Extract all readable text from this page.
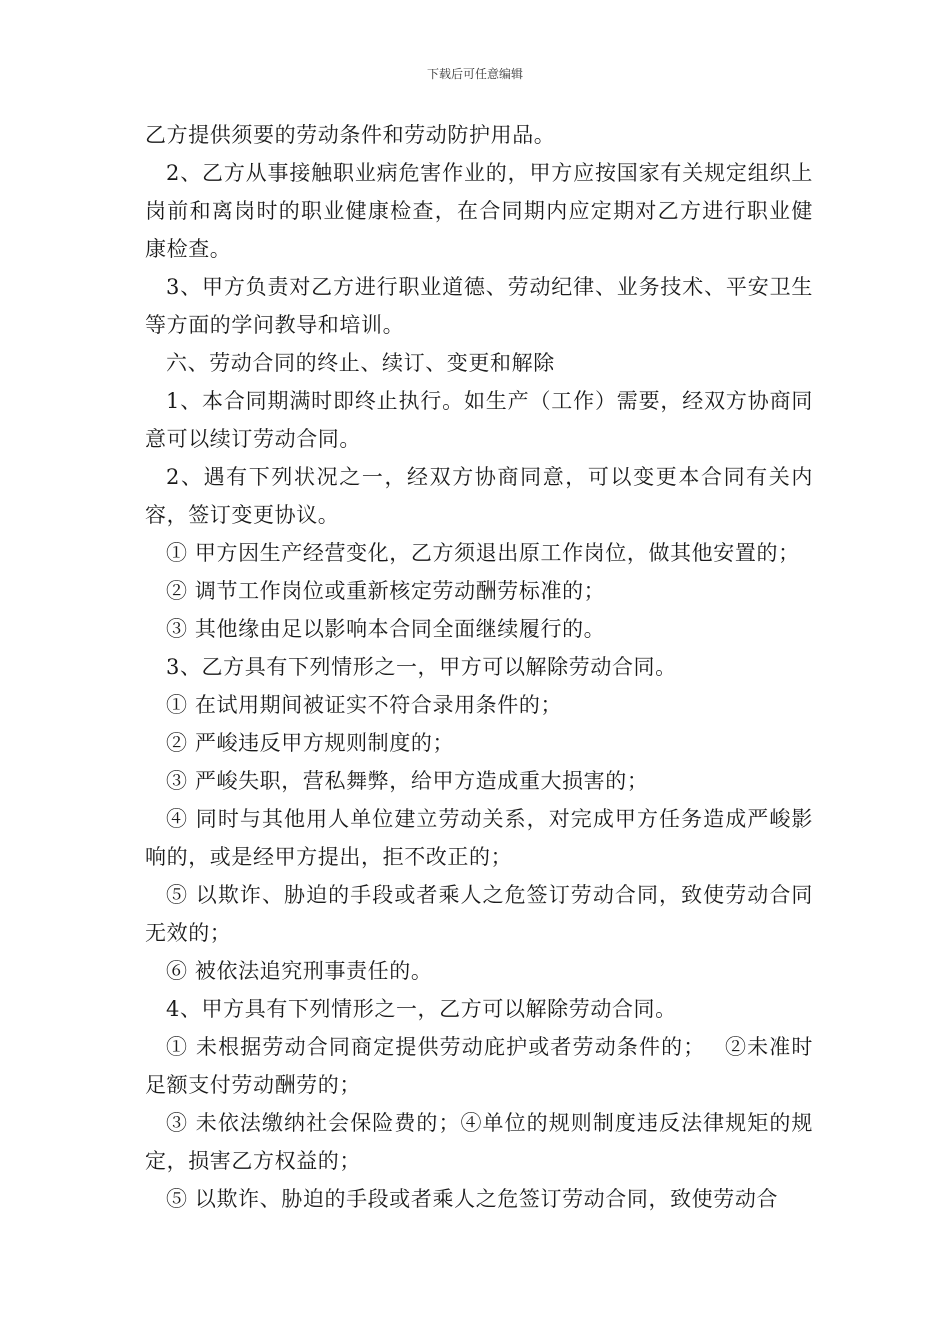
下载后可任意编辑

乙方提供须要的劳动条件和劳动防护用品。

2、乙方从事接触职业病危害作业的，甲方应按国家有关规定组织上岗前和离岗时的职业健康检查，在合同期内应定期对乙方进行职业健康检查。

3、甲方负责对乙方进行职业道德、劳动纪律、业务技术、平安卫生等方面的学问教导和培训。

六、劳动合同的终止、续订、变更和解除

1、本合同期满时即终止执行。如生产（工作）需要，经双方协商同意可以续订劳动合同。

2、遇有下列状况之一，经双方协商同意，可以变更本合同有关内容，签订变更协议。

① 甲方因生产经营变化，乙方须退出原工作岗位，做其他安置的；

② 调节工作岗位或重新核定劳动酬劳标准的；

③ 其他缘由足以影响本合同全面继续履行的。

3、乙方具有下列情形之一，甲方可以解除劳动合同。

① 在试用期间被证实不符合录用条件的；

② 严峻违反甲方规则制度的；

③ 严峻失职，营私舞弊，给甲方造成重大损害的；

④ 同时与其他用人单位建立劳动关系，对完成甲方任务造成严峻影响的，或是经甲方提出，拒不改正的；

⑤ 以欺诈、胁迫的手段或者乘人之危签订劳动合同，致使劳动合同无效的；

⑥ 被依法追究刑事责任的。

4、甲方具有下列情形之一，乙方可以解除劳动合同。

① 未根据劳动合同商定提供劳动庇护或者劳动条件的；　 ②未准时足额支付劳动酬劳的；

③ 未依法缴纳社会保险费的；④单位的规则制度违反法律规矩的规定，损害乙方权益的；

⑤ 以欺诈、胁迫的手段或者乘人之危签订劳动合同，致使劳动合
